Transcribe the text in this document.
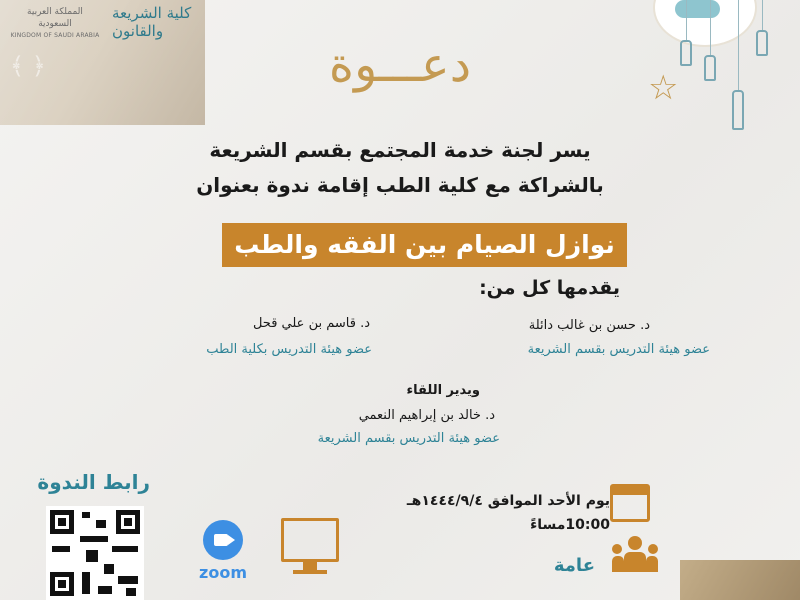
﴾ ﴿
المملكة العربية السعودية
KINGDOM OF SAUDI ARABIA
كلية الشريعة والقانون
☆
دعـــوة
يسر لجنة خدمة المجتمع بقسم الشريعة
بالشراكة مع كلية الطب إقامة ندوة بعنوان
نوازل الصيام بين الفقه والطب
يقدمها كل من:
د. حسن بن غالب دائلة
عضو هيئة التدريس بقسم الشريعة
د. قاسم بن علي قحل
عضو هيئة التدريس بكلية الطب
ويدير اللقاء
د. خالد بن إبراهيم النعمي
عضو هيئة التدريس بقسم الشريعة
رابط الندوة
zoom
يوم الأحد الموافق ١٤٤٤/٩/٤هـ
10:00مساءً
عامة
